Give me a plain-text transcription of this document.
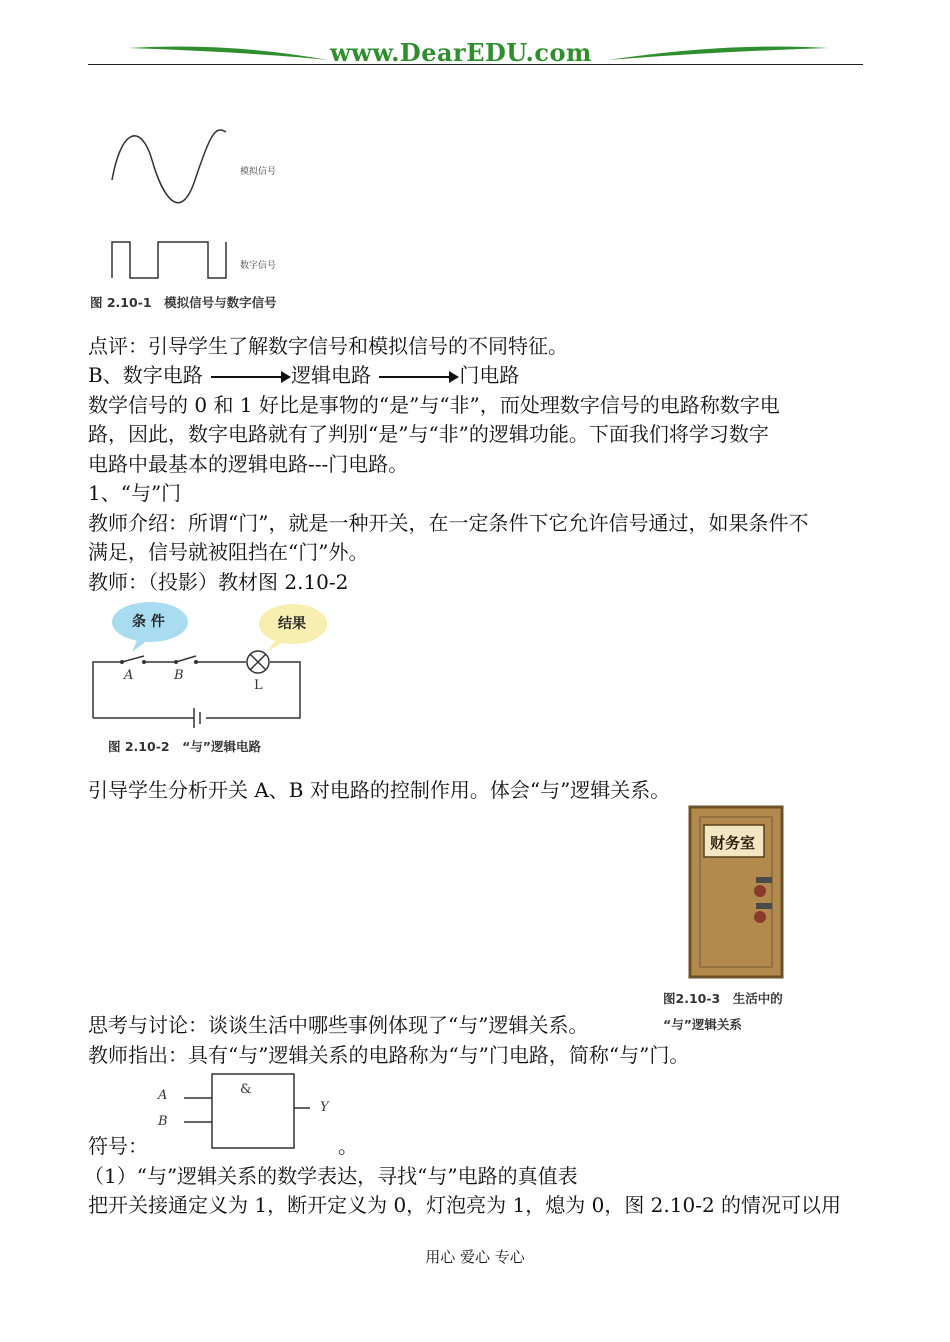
www.DearEDU.com
模拟信号
数字信号
图 2.10-1　模拟信号与数字信号
点评：引导学生了解数字信号和模拟信号的不同特征。
B、数字电路	逻辑电路	门电路
数学信号的 0 和 1 好比是事物的“是”与“非”，而处理数字信号的电路称数字电
路，因此，数字电路就有了判别“是”与“非”的逻辑功能。下面我们将学习数字
电路中最基本的逻辑电路---门电路。
1、“与”门
教师介绍：所谓“门”，就是一种开关，在一定条件下它允许信号通过，如果条件不
满足，信号就被阻挡在“门”外。
教师：（投影）教材图 2.10-2
条 件	结果
A	B
L
图 2.10-2　“与”逻辑电路
引导学生分析开关 A、B 对电路的控制作用。体会“与”逻辑关系。
财务室
图2.10-3　生活中的
“与”逻辑关系
思考与讨论：谈谈生活中哪些事例体现了“与”逻辑关系。
教师指出：具有“与”逻辑关系的电路称为“与”门电路，简称“与”门。
&
A
B
Y
符号：	。
（1）“与”逻辑关系的数学表达，寻找“与”电路的真值表
把开关接通定义为 1，断开定义为 0，灯泡亮为 1，熄为 0，图 2.10-2 的情况可以用
用心 爱心 专心
